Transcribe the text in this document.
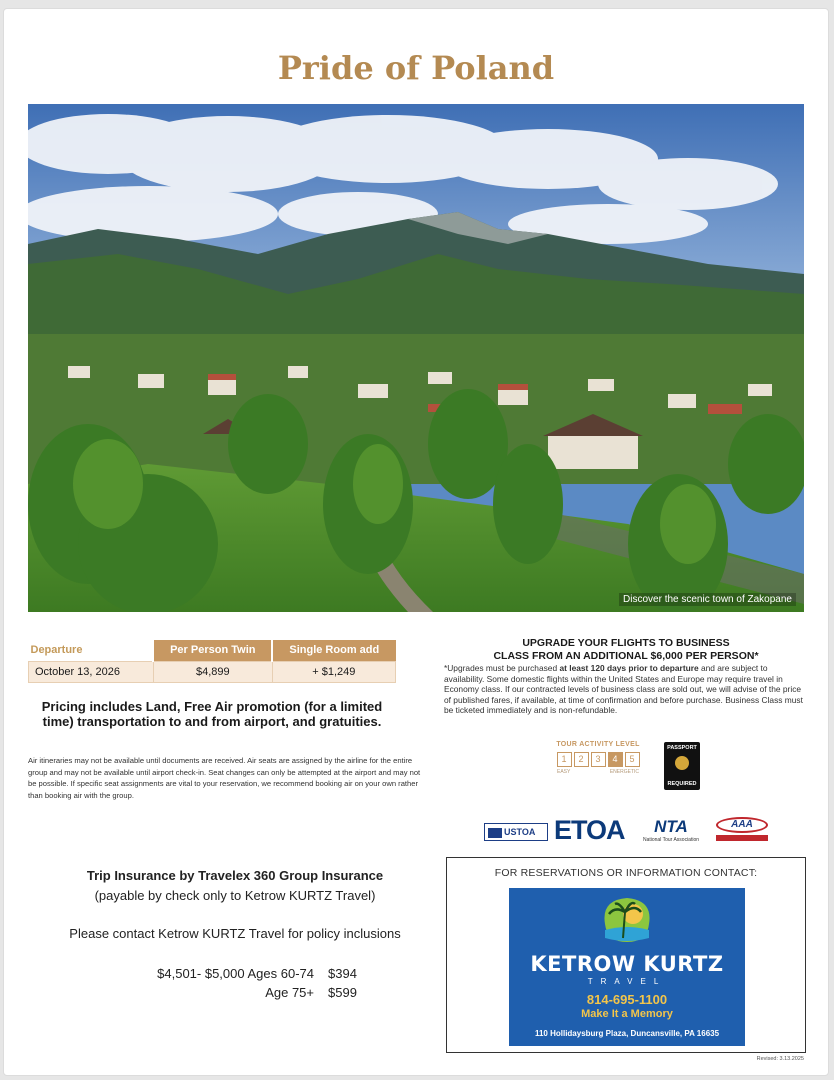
Pride of Poland
Discover the scenic town of Zakopane
Departure	Per Person Twin	Single Room add
October 13, 2026	$4,899	+ $1,249
Pricing includes Land, Free Air promotion (for a limited time) transportation to and from airport, and gratuities.
Air itineraries may not be available until documents are received. Air seats are assigned by the airline for the entire group and may not be available until airport check-in. Seat changes can only be attempted at the airport and may not be possible. If specific seat assignments are vital to your reservation, we recommend booking air on your own rather than booking air with the group.
UPGRADE YOUR FLIGHTS TO BUSINESS
CLASS FROM AN ADDITIONAL $6,000 PER PERSON*
*Upgrades must be purchased at least 120 days prior to departure and are subject to availability. Some domestic flights within the United States and Europe may require travel in Economy class. If our contracted levels of business class are sold out, we will advise of the price of published fares, if available, at time of confirmation and before purchase. Business Class must be ticketed immediately and is non-refundable.
TOUR ACTIVITY LEVEL
1	2	3	4	5
EASY	ENERGETIC
PASSPORT
REQUIRED
USTOA ETOA	NTA
National Tour Association
AAA
Trip Insurance by Travelex 360 Group Insurance
(payable by check only to Ketrow KURTZ Travel)
Please contact Ketrow KURTZ Travel for policy inclusions
$4,501- $5,000 Ages 60-74	$394
Age 75+	$599
FOR RESERVATIONS OR INFORMATION CONTACT:
KETROW KURTZ
TRAVEL
814-695-1100
Make It a Memory
110 Hollidaysburg Plaza, Duncansville, PA 16635
Revised: 3.13.2025
